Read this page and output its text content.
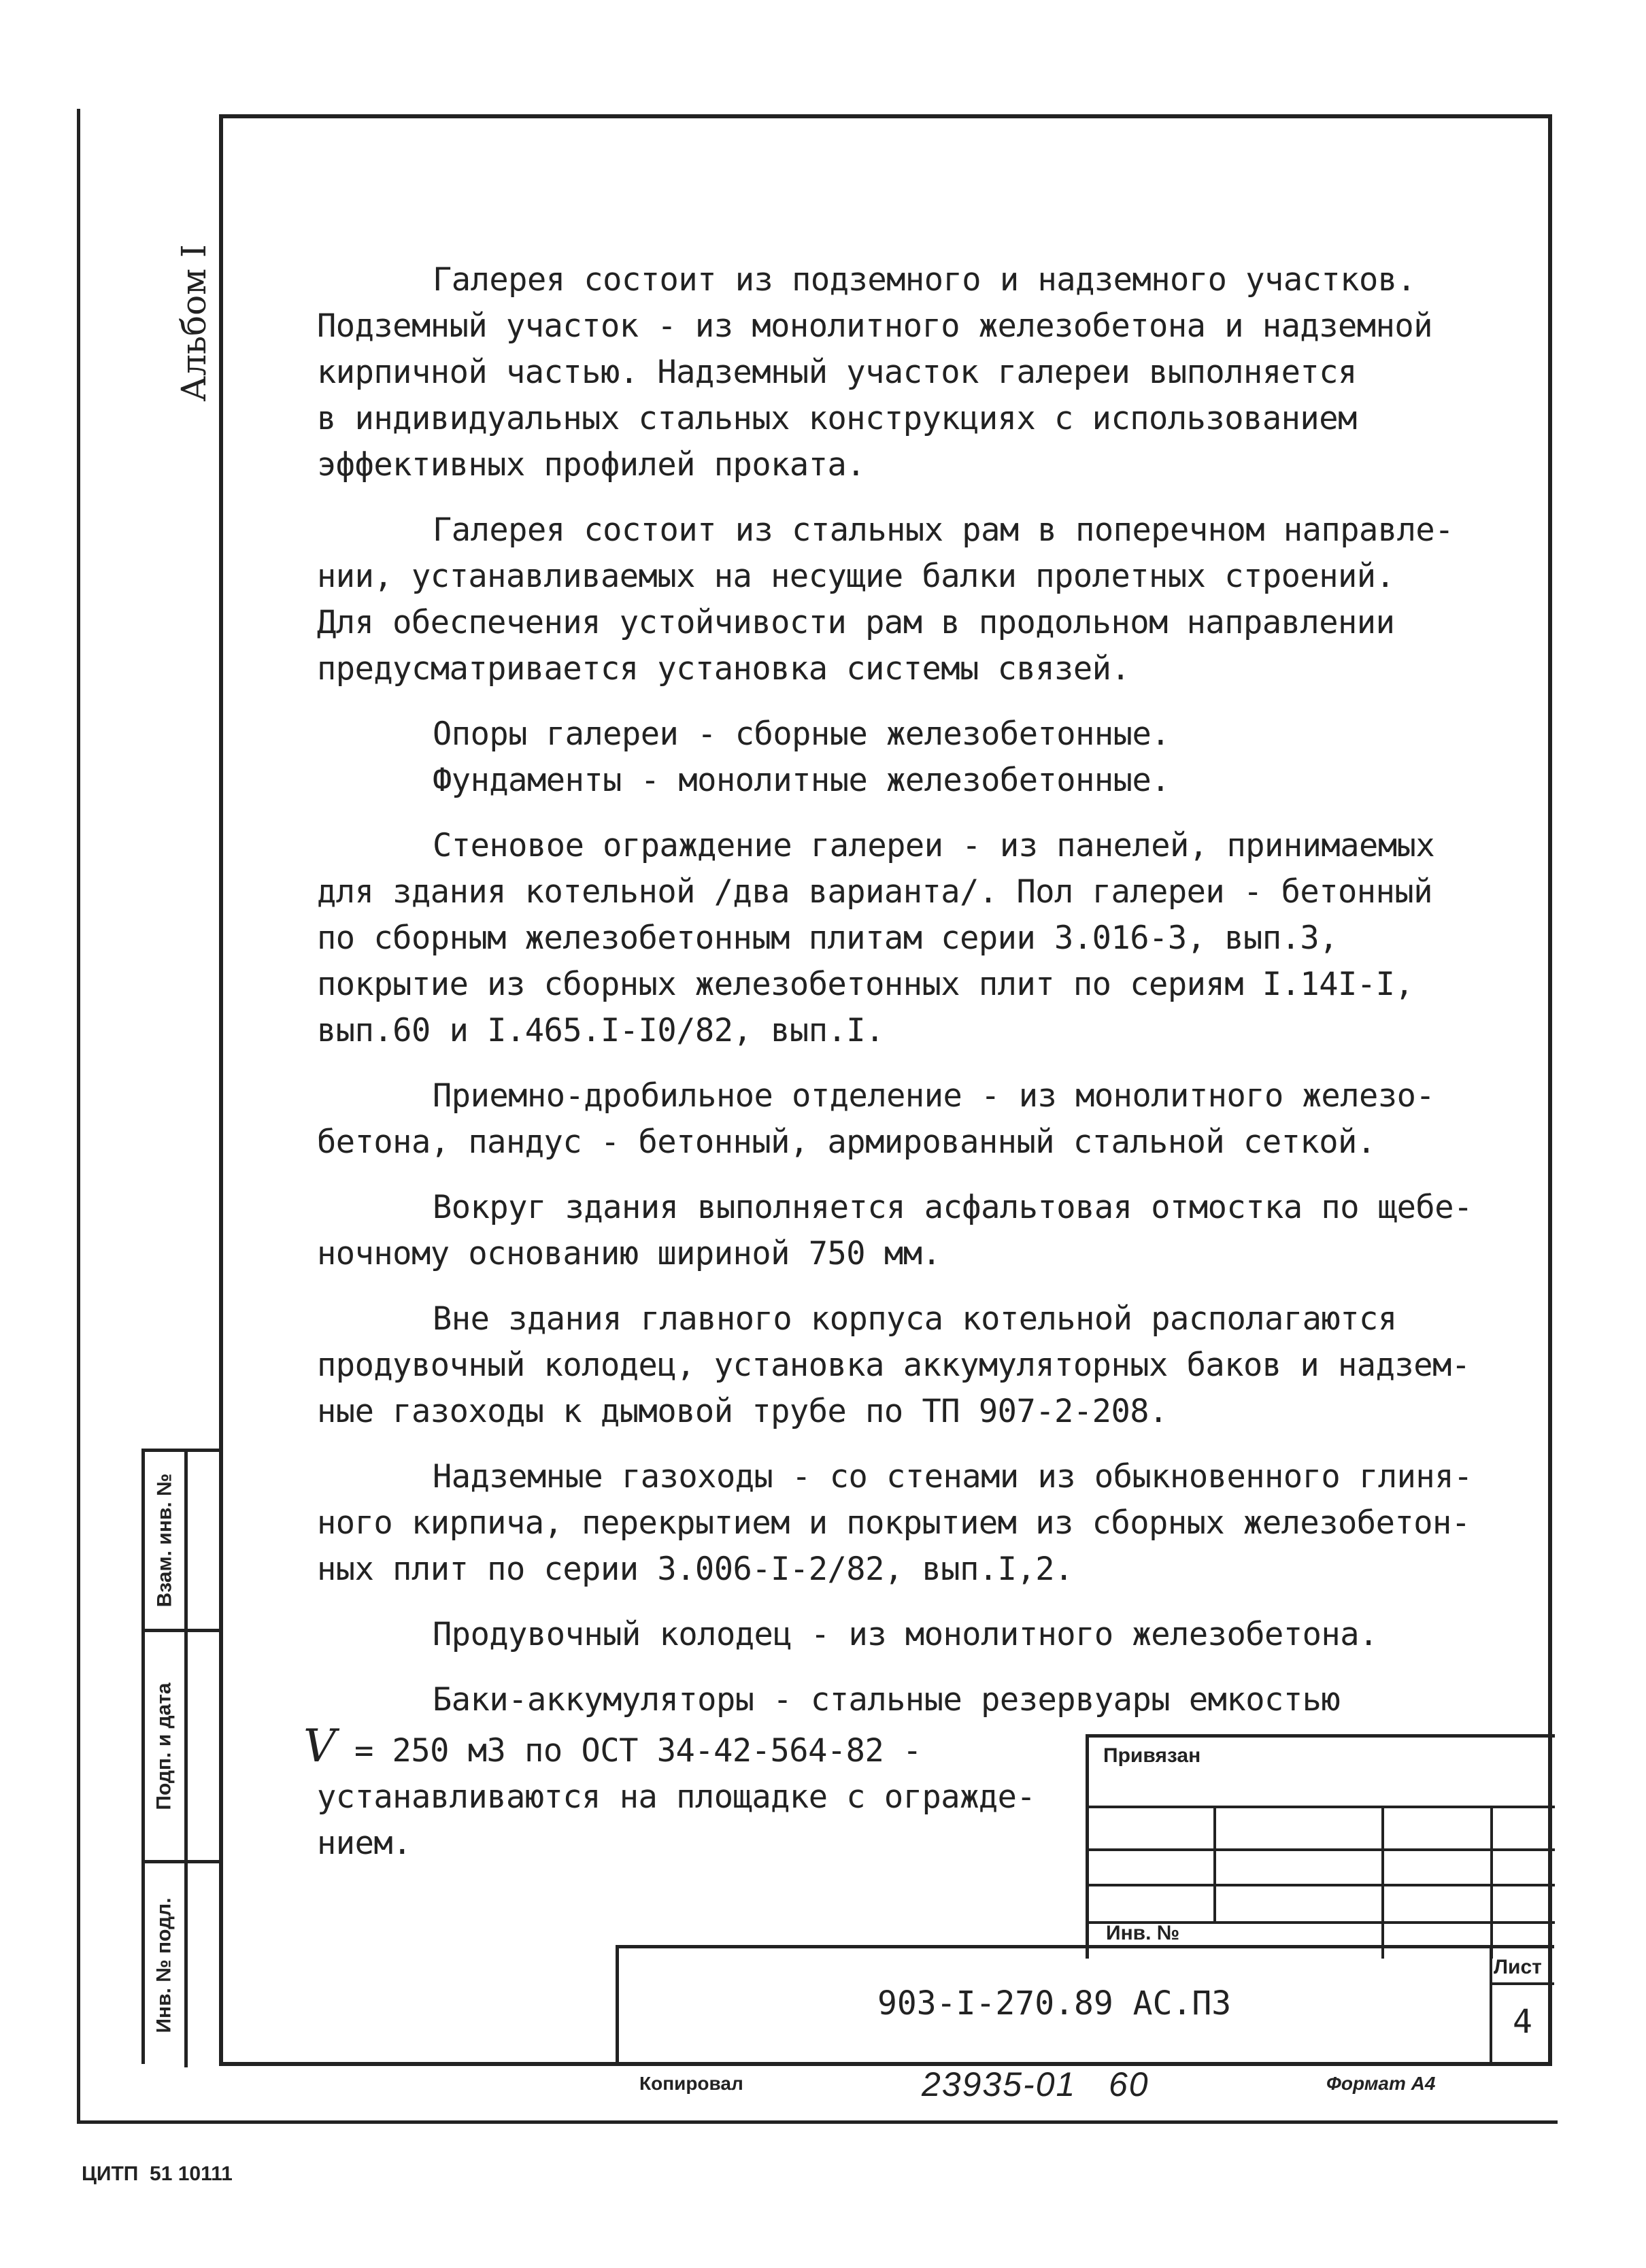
Альбом I	Галерея состоит из подземного и надземного участков.
Подземный участок - из монолитного железобетона и надземной
кирпичной частью. Надземный участок галереи выполняется
в индивидуальных стальных конструкциях с использованием
эффективных профилей проката.

Галерея состоит из стальных рам в поперечном направле-
нии, устанавливаемых на несущие балки пролетных строений.
Для обеспечения устойчивости рам в продольном направлении
предусматривается установка системы связей.

Опоры галереи - сборные железобетонные.

Фундаменты - монолитные железобетонные.

Стеновое ограждение галереи - из панелей, принимаемых
для здания котельной /два варианта/. Пол галереи - бетонный
по сборным железобетонным плитам серии 3.016-3, вып.3,
покрытие из сборных железобетонных плит по сериям I.14I-I,
вып.60 и I.465.I-I0/82, вып.I.

Приемно-дробильное отделение - из монолитного железо-
бетона, пандус - бетонный, армированный стальной сеткой.

Вокруг здания выполняется асфальтовая отмостка по щебе-
ночному основанию шириной 750 мм.

Вне здания главного корпуса котельной располагаются
продувочный колодец, установка аккумуляторных баков и надзем-
ные газоходы к дымовой трубе по ТП 907-2-208.

Надземные газоходы - со стенами из обыкновенного глиня-
ного кирпича, перекрытием и покрытием из сборных железобетон-
ных плит по серии 3.006-I-2/82, вып.I,2.

Продувочный колодец - из монолитного железобетона.

Баки-аккумуляторы - стальные резервуары емкостью
V = 250 м3 по ОСТ 34-42-564-82 -
устанавливаются на площадке с огражде-
нием.

Взам. инв. №
Подп. и дата
Инв. № подл.
Привязан
Инв. №
903-I-270.89 АС.ПЗ
Лист
4
Копировал	23935-01   60	Формат А4
ЦИТП  51 10111
